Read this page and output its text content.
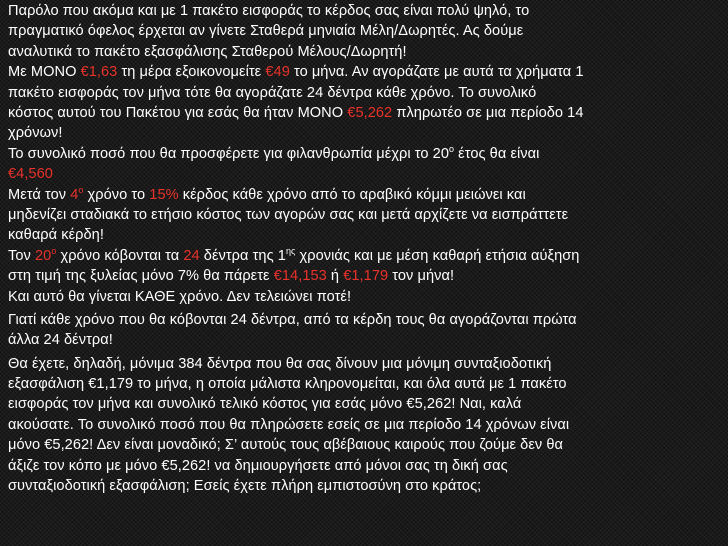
Παρόλο που ακόμα και με 1 πακέτο εισφοράς το κέρδος σας είναι πολύ ψηλό, το
πραγματικό όφελος έρχεται αν γίνετε Σταθερά μηνιαία Μέλη/Δωρητές. Ας δούμε
αναλυτικά το πακέτο εξασφάλισης Σταθερού Μέλους/Δωρητή!
Με ΜΟΝΟ €1,63 τη μέρα εξοικονομείτε €49 το μήνα. Αν αγοράζατε με αυτά τα χρήματα 1
πακέτο εισφοράς τον μήνα τότε θα αγοράζατε 24 δέντρα κάθε χρόνο. Το συνολικό
κόστος αυτού του Πακέτου για εσάς θα ήταν ΜΟΝΟ €5,262 πληρωτέο σε μια περίοδο 14
χρόνων!
Το συνολικό ποσό που θα προσφέρετε για φιλανθρωπία μέχρι το $20^o$ έτος θα είναι
€4,560
Μετά τον $4^o$ χρόνο το 15% κέρδος κάθε χρόνο από το αραβικό κόμμι μειώνει και
μηδενίζει σταδιακά το ετήσιο κόστος των αγορών σας και μετά αρχίζετε να εισπράττετε
καθαρά κέρδη!
Τον $20^o$ χρόνο κόβονται τα 24 δέντρα της $1^{\eta\varsigma}$ χρονιάς και με μέση καθαρή ετήσια αύξηση
στη τιμή της ξυλείας μόνο 7% θα πάρετε €14,153 ή €1,179 τον μήνα!
Και αυτό θα γίνεται ΚΑΘΕ χρόνο. Δεν τελειώνει ποτέ!
Γιατί κάθε χρόνο που θα κόβονται 24 δέντρα, από τα κέρδη τους θα αγοράζονται πρώτα
άλλα 24 δέντρα!
Θα έχετε, δηλαδή, μόνιμα 384 δέντρα που θα σας δίνουν μια μόνιμη συνταξιοδοτική
εξασφάλιση €1,179 το μήνα, η οποία μάλιστα κληρονομείται, και όλα αυτά με 1 πακέτο
εισφοράς τον μήνα και συνολικό τελικό κόστος για εσάς μόνο €5,262! Ναι, καλά
ακούσατε. Το συνολικό ποσό που θα πληρώσετε εσείς σε μια περίοδο 14 χρόνων είναι
μόνο €5,262! Δεν είναι μοναδικό; Σ’ αυτούς τους αβέβαιους καιρούς που ζούμε δεν θα
άξιζε τον κόπο με μόνο €5,262! να δημιουργήσετε από μόνοι σας τη δική σας
συνταξιοδοτική εξασφάλιση; Εσείς έχετε πλήρη εμπιστοσύνη στο κράτος;
